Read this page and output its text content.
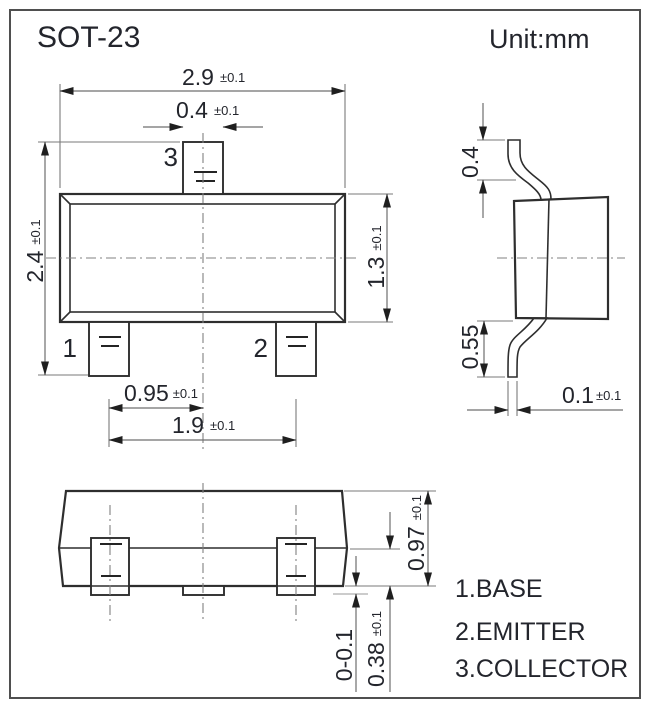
SOT-23	Unit:mm
3
1	2
2.9 ±0.1
0.4 ±0.1
2.4±0.1
1.3±0.1
0.95 ±0.1
1.9 ±0.1
0.4
0.55
0.1 ±0.1
0.97±0.1
0.38±0.1
0-0.1
1.BASE
2.EMITTER
3.COLLECTOR
